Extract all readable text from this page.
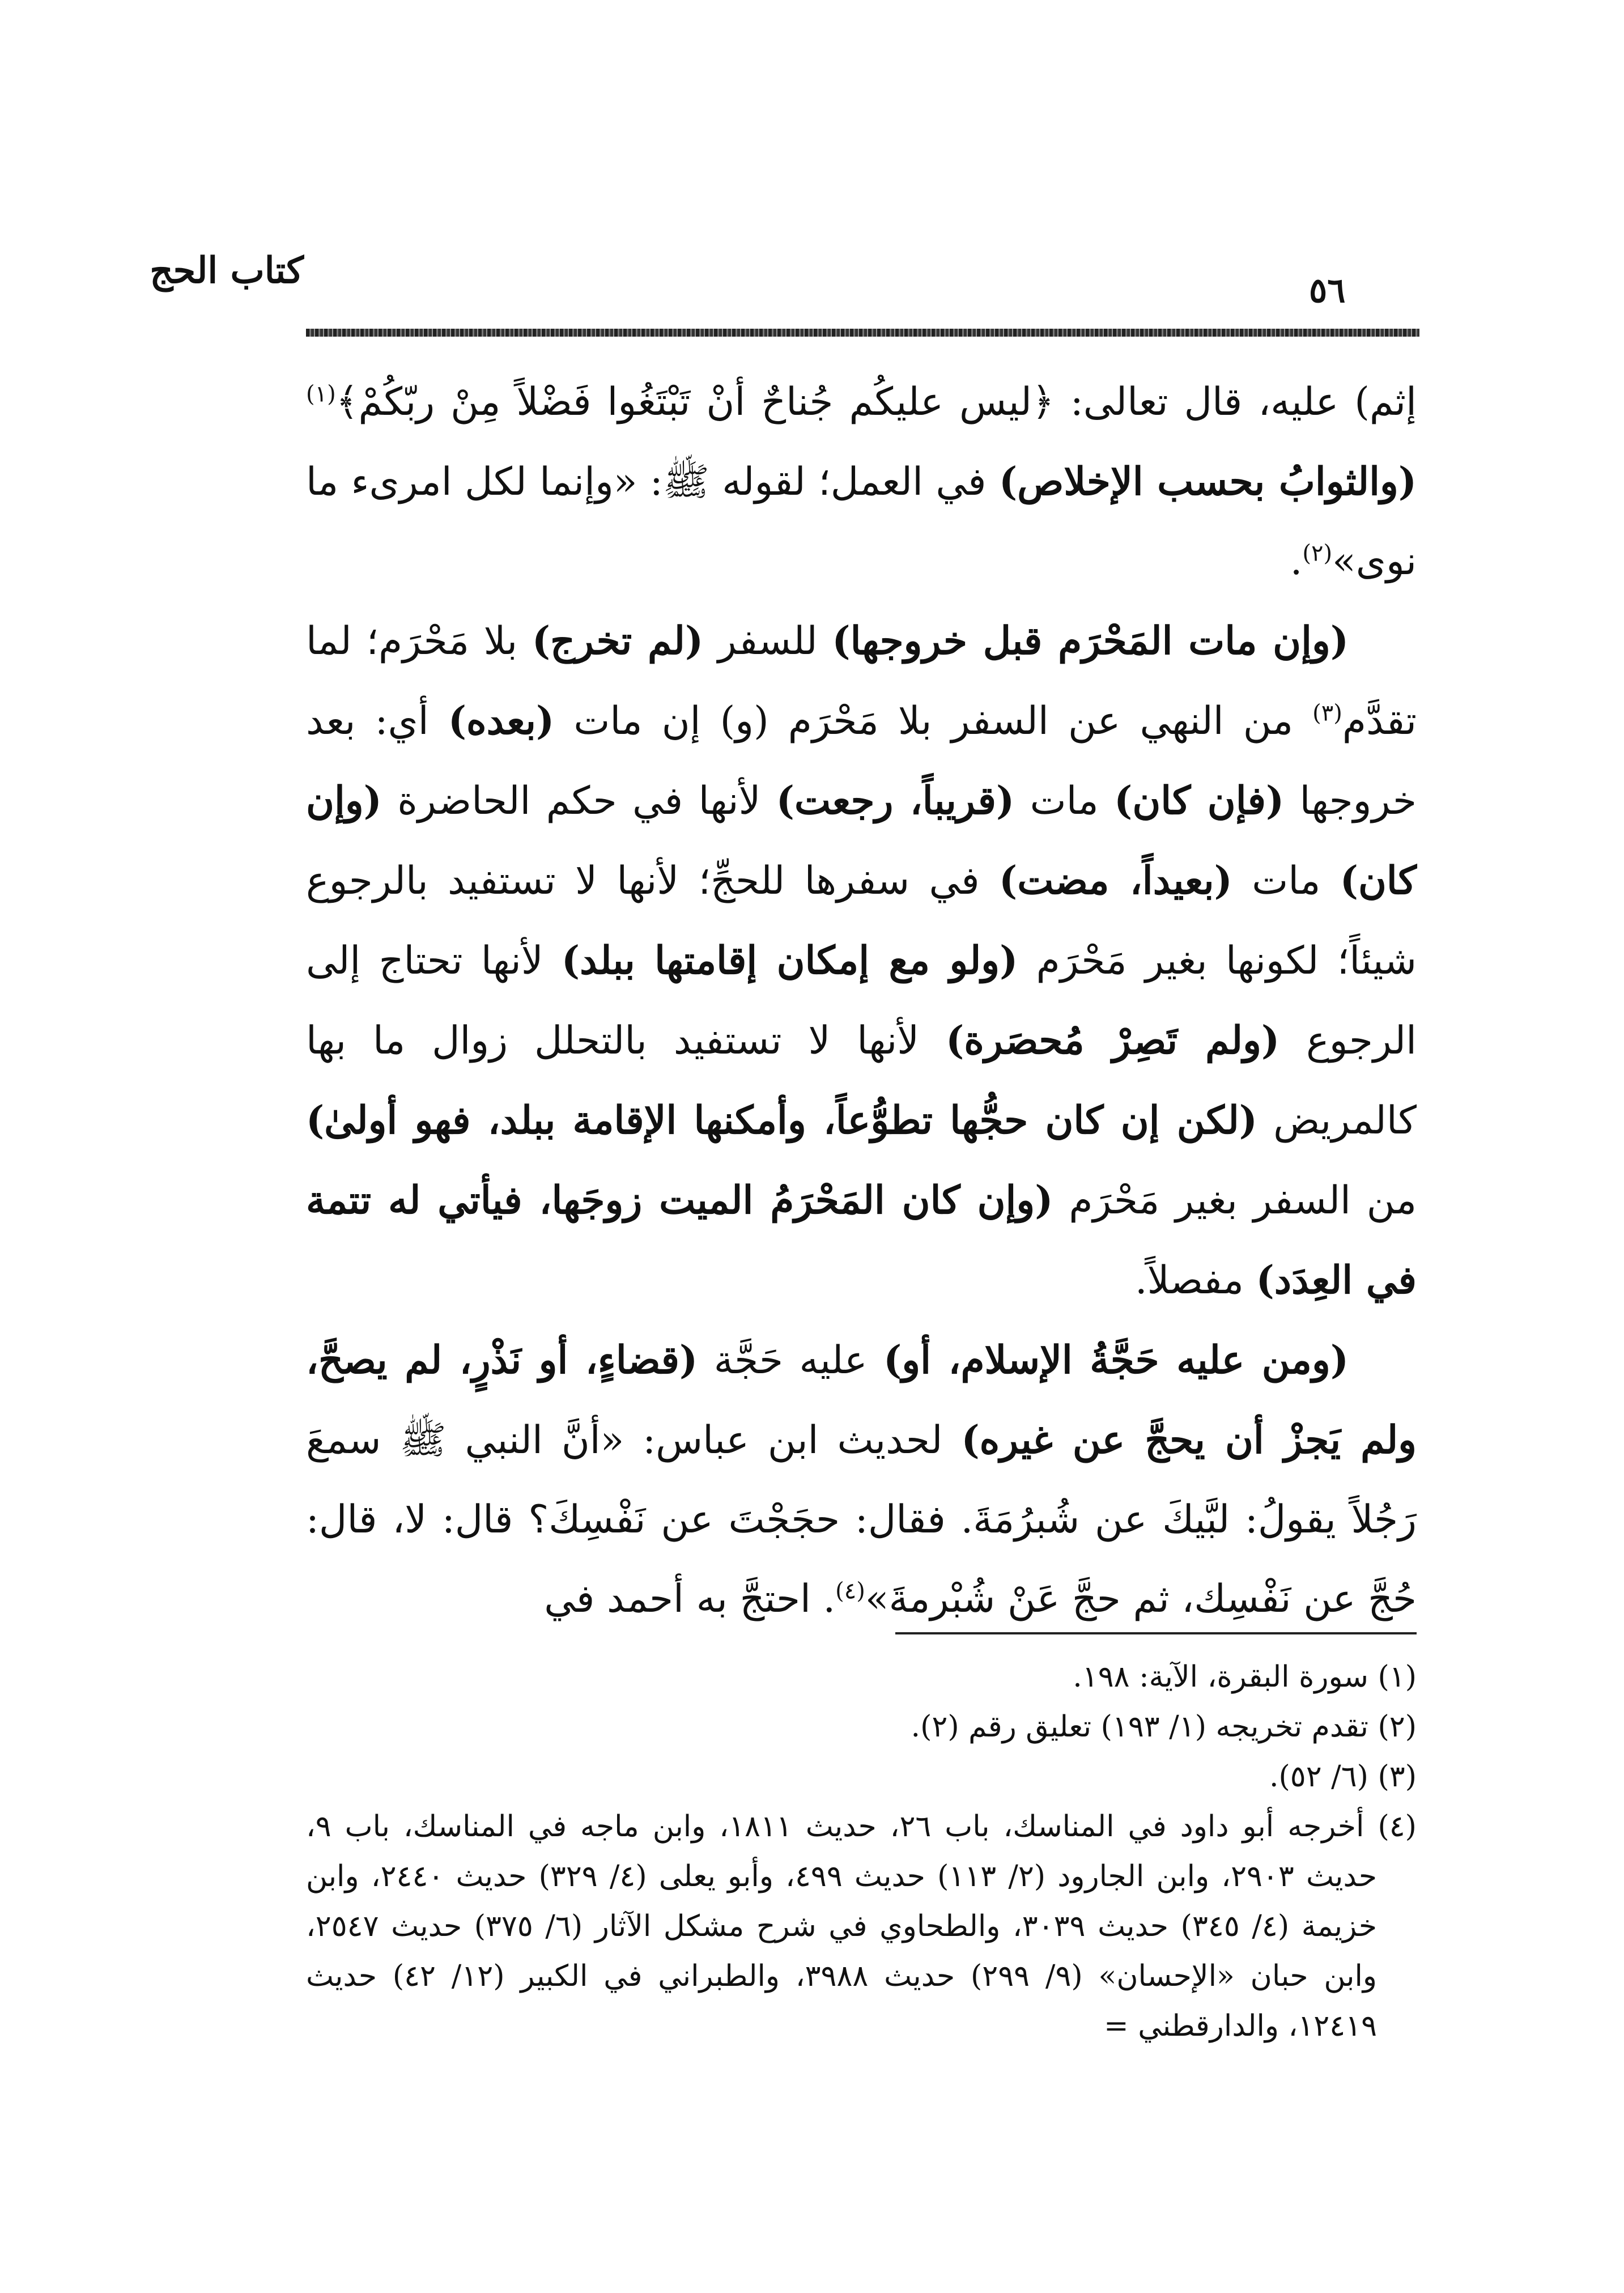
كتاب الحج	٥٦

إثم) عليه، قال تعالى: ﴿ليس عليكُم جُناحٌ أنْ تَبْتَغُوا فَضْلاً مِنْ ربّكُمْ﴾$^{(١)}$ (والثوابُ بحسب الإخلاص) في العمل؛ لقوله ﷺ: «وإنما لكل امرىء ما نوى»$^{(٢)}$.

(وإن مات المَحْرَم قبل خروجها) للسفر (لم تخرج) بلا مَحْرَم؛ لما تقدَّم$^{(٣)}$ من النهي عن السفر بلا مَحْرَم (و) إن مات (بعده) أي: بعد خروجها (فإن كان) مات (قريباً، رجعت) لأنها في حكم الحاضرة (وإن كان) مات (بعيداً، مضت) في سفرها للحجِّ؛ لأنها لا تستفيد بالرجوع شيئاً؛ لكونها بغير مَحْرَم (ولو مع إمكان إقامتها ببلد) لأنها تحتاج إلى الرجوع (ولم تَصِرْ مُحصَرة) لأنها لا تستفيد بالتحلل زوال ما بها كالمريض (لكن إن كان حجُّها تطوُّعاً، وأمكنها الإقامة ببلد، فهو أولىٰ) من السفر بغير مَحْرَم (وإن كان المَحْرَمُ الميت زوجَها، فيأتي له تتمة في العِدَد) مفصلاً.

(ومن عليه حَجَّةُ الإسلام، أو) عليه حَجَّة (قضاءٍ، أو نَذْرٍ، لم يصحَّ، ولم يَجزْ أن يحجَّ عن غيره) لحديث ابن عباس: «أنَّ النبي ﷺ سمعَ رَجُلاً يقولُ: لبَّيكَ عن شُبرُمَةَ. فقال: حجَجْتَ عن نَفْسِكَ؟ قال: لا، قال: حُجَّ عن نَفْسِك، ثم حجَّ عَنْ شُبْرمةَ»$^{(٤)}$. احتجَّ به أحمد في

(١) سورة البقرة، الآية: ١٩٨.

(٢) تقدم تخريجه (١/ ١٩٣) تعليق رقم (٢).

(٣) (٦/ ٥٢).

(٤) أخرجه أبو داود في المناسك، باب ٢٦، حديث ١٨١١، وابن ماجه في المناسك، باب ٩، حديث ٢٩٠٣، وابن الجارود (٢/ ١١٣) حديث ٤٩٩، وأبو يعلى (٤/ ٣٢٩) حديث ٢٤٤٠، وابن خزيمة (٤/ ٣٤٥) حديث ٣٠٣٩، والطحاوي في شرح مشكل الآثار (٦/ ٣٧٥) حديث ٢٥٤٧، وابن حبان «الإحسان» (٩/ ٢٩٩) حديث ٣٩٨٨، والطبراني في الكبير (١٢/ ٤٢) حديث ١٢٤١٩، والدارقطني =
